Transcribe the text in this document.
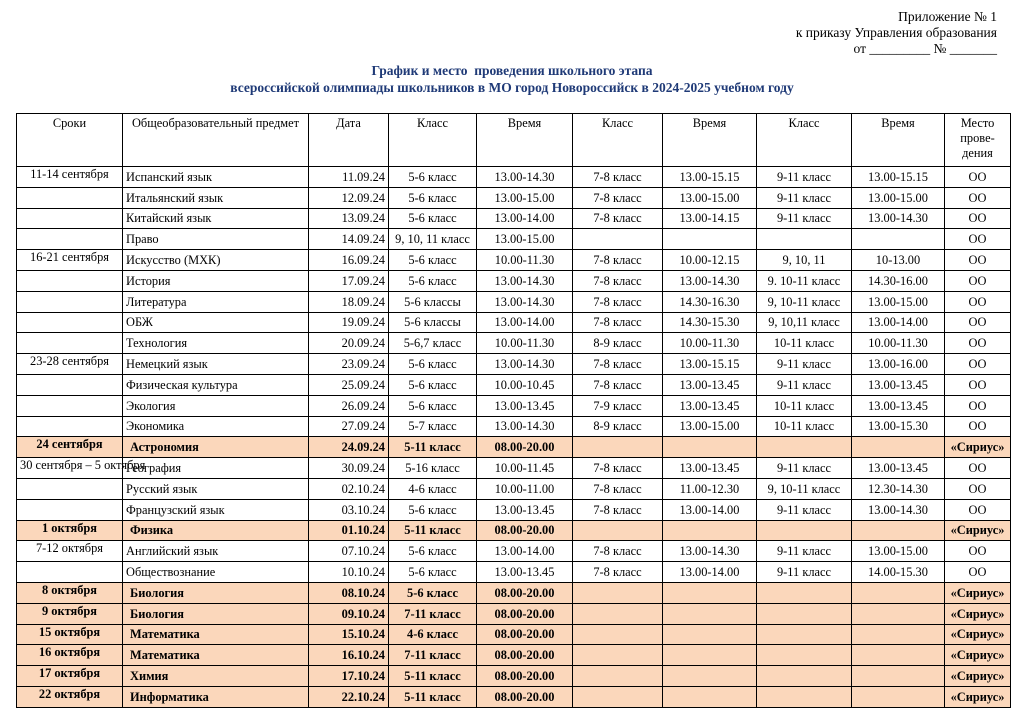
Приложение № 1
к приказу Управления образования
от _________ № _______
График и место  проведения школьного этапа
всероссийской олимпиады школьников в МО город Новороссийск в 2024-2025 учебном году
Сроки	Общеобразовательный предмет	Дата	Класс	Время	Класс	Время	Класс	Время	Место прове-дения
11-14 сентября	Испанский язык	11.09.24	5-6 класс	13.00-14.30	7-8 класс	13.00-15.15	9-11 класс	13.00-15.15	ОО
	Итальянский язык	12.09.24	5-6 класс	13.00-15.00	7-8 класс	13.00-15.00	9-11 класс	13.00-15.00	ОО
	Китайский язык	13.09.24	5-6 класс	13.00-14.00	7-8 класс	13.00-14.15	9-11 класс	13.00-14.30	ОО
	Право	14.09.24	9, 10, 11 класс	13.00-15.00					ОО
16-21 сентября	Искусство (МХК)	16.09.24	5-6 класс	10.00-11.30	7-8 класс	10.00-12.15	9, 10, 11	10-13.00	ОО
	История	17.09.24	5-6 класс	13.00-14.30	7-8 класс	13.00-14.30	9. 10-11 класс	14.30-16.00	ОО
	Литература	18.09.24	5-6 классы	13.00-14.30	7-8 класс	14.30-16.30	9, 10-11 класс	13.00-15.00	ОО
	ОБЖ	19.09.24	5-6 классы	13.00-14.00	7-8 класс	14.30-15.30	9, 10,11 класс	13.00-14.00	ОО
	Технология	20.09.24	5-6,7 класс	10.00-11.30	8-9 класс	10.00-11.30	10-11 класс	10.00-11.30	ОО
23-28 сентября	Немецкий язык	23.09.24	5-6 класс	13.00-14.30	7-8 класс	13.00-15.15	9-11 класс	13.00-16.00	ОО
	Физическая культура	25.09.24	5-6 класс	10.00-10.45	7-8 класс	13.00-13.45	9-11 класс	13.00-13.45	ОО
	Экология	26.09.24	5-6 класс	13.00-13.45	7-9 класс	13.00-13.45	10-11 класс	13.00-13.45	ОО
	Экономика	27.09.24	5-7 класс	13.00-14.30	8-9 класс	13.00-15.00	10-11 класс	13.00-15.30	ОО
24 сентября	Астрономия	24.09.24	5-11 класс	08.00-20.00					«Сириус»
30 сентября – 5 октября	География	30.09.24	5-16 класс	10.00-11.45	7-8 класс	13.00-13.45	9-11 класс	13.00-13.45	ОО
	Русский язык	02.10.24	4-6 класс	10.00-11.00	7-8 класс	11.00-12.30	9, 10-11 класс	12.30-14.30	ОО
	Французский язык	03.10.24	5-6 класс	13.00-13.45	7-8 класс	13.00-14.00	9-11 класс	13.00-14.30	ОО
1 октября	Физика	01.10.24	5-11 класс	08.00-20.00					«Сириус»
7-12 октября	Английский язык	07.10.24	5-6 класс	13.00-14.00	7-8 класс	13.00-14.30	9-11 класс	13.00-15.00	ОО
	Обществознание	10.10.24	5-6 класс	13.00-13.45	7-8 класс	13.00-14.00	9-11 класс	14.00-15.30	ОО
8 октября	Биология	08.10.24	5-6 класс	08.00-20.00					«Сириус»
9 октября	Биология	09.10.24	7-11 класс	08.00-20.00					«Сириус»
15 октября	Математика	15.10.24	4-6 класс	08.00-20.00					«Сириус»
16 октября	Математика	16.10.24	7-11 класс	08.00-20.00					«Сириус»
17 октября	Химия	17.10.24	5-11 класс	08.00-20.00					«Сириус»
22 октября	Информатика	22.10.24	5-11 класс	08.00-20.00					«Сириус»
